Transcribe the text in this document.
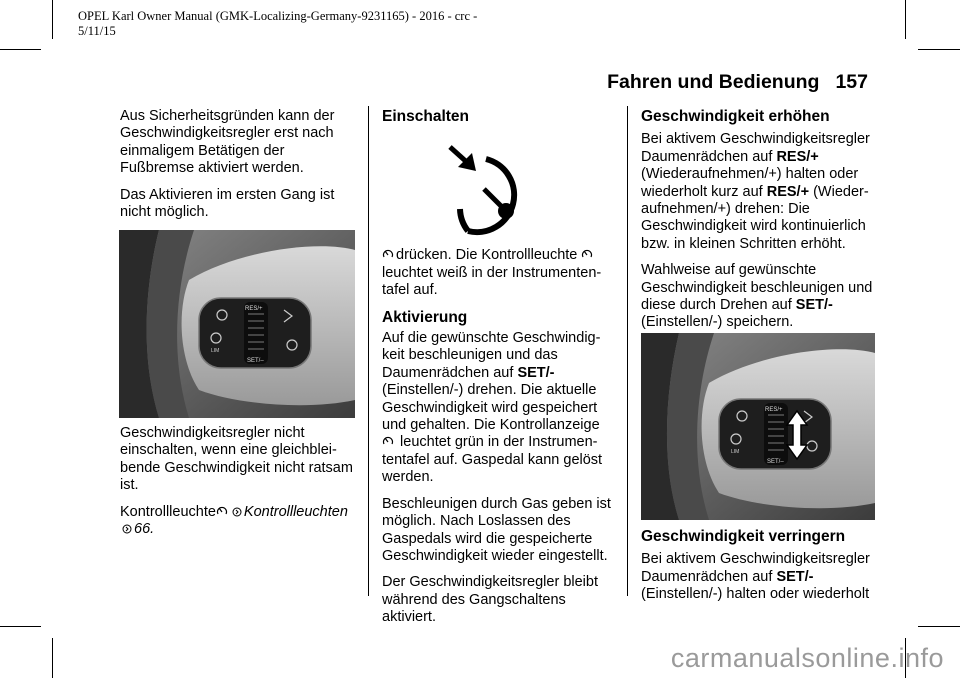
OPEL Karl Owner Manual (GMK-Localizing-Germany-9231165) - 2016 - crc -
5/11/15
Fahren und Bedienung 157

Aus Sicherheitsgründen kann der Geschwindigkeitsregler erst nach einmaligem Betätigen der Fußbremse aktiviert werden.

Das Aktivieren im ersten Gang ist nicht möglich.

RES/+
SET/–
LIM

Geschwindigkeitsregler nicht einschalten, wenn eine gleichbleibende Geschwindigkeit nicht ratsam ist.

Kontrollleuchte Kontrollleuchten
66.

Einschalten

drücken. Die Kontrollleuchte  leuchtet weiß in der Instrumententafel auf.

Aktivierung

Auf die gewünschte Geschwindigkeit beschleunigen und das Daumenrädchen auf SET/- (Einstellen/-) drehen. Die aktuelle Geschwindigkeit wird gespeichert und gehalten. Die Kontrollanzeige  leuchtet grün in der Instrumententafel auf. Gaspedal kann gelöst werden.

Beschleunigen durch Gas geben ist möglich. Nach Loslassen des Gaspedals wird die gespeicherte Geschwindigkeit wieder eingestellt.

Der Geschwindigkeitsregler bleibt während des Gangschaltens aktiviert.

Geschwindigkeit erhöhen

Bei aktivem Geschwindigkeitsregler Daumenrädchen auf RES/+ (Wiederaufnehmen/+) halten oder wiederholt kurz auf RES/+ (Wiederaufnehmen/+) drehen: Die Geschwindigkeit wird kontinuierlich bzw. in kleinen Schritten erhöht.

Wahlweise auf gewünschte Geschwindigkeit beschleunigen und diese durch Drehen auf SET/- (Einstellen/-) speichern.

RES/+
SET/–
LIM
Geschwindigkeit verringern

Bei aktivem Geschwindigkeitsregler Daumenrädchen auf SET/-
(Einstellen/-) halten oder wiederholt

carmanualsonline.info
